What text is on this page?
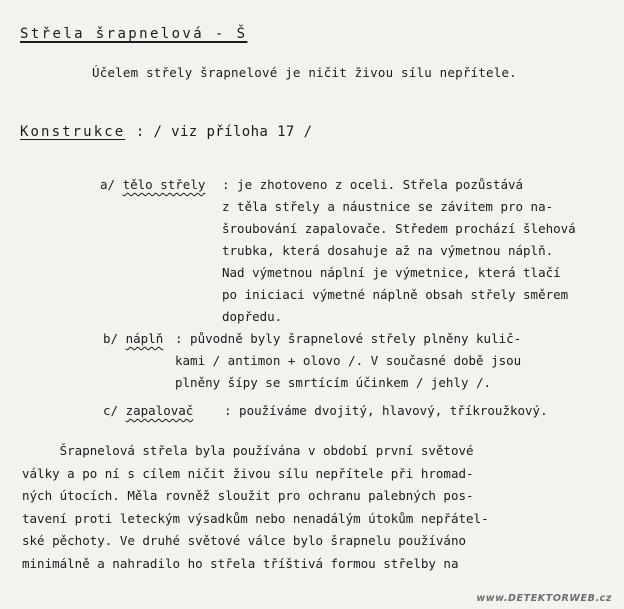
Střela šrapnelová - Š
Účelem střely šrapnelové je ničit živou sílu nepřítele.
Konstrukce : / viz příloha 17 /
a/ tělo střely : je zhotoveno z oceli. Střela pozůstává
z těla střely a náustnice se závitem pro na-
šroubování zapalovače. Středem prochází šlehová
trubka, která dosahuje až na výmetnou náplň.
Nad výmetnou náplní je výmetnice, která tlačí
po iniciaci výmetné náplně obsah střely směrem
dopředu.
b/ náplň : původně byly šrapnelové střely plněny kulič-
kami / antimon + olovo /. V současné době jsou
plněny šípy se smrtícím účinkem / jehly /.
c/ zapalovač : používáme dvojitý, hlavový, tříkroužkový.
Šrapnelová střela byla používána v období první světové
války a po ní s cílem ničit živou sílu nepřítele při hromad-
ných útocích. Měla rovněž sloužit pro ochranu palebných pos-
tavení proti leteckým výsadkům nebo nenadálým útokům nepřátel-
ské pěchoty. Ve druhé světové válce bylo šrapnelu používáno
minimálně a nahradilo ho střela tříštivá formou střelby na
www.DETEKTORWEB.cz
